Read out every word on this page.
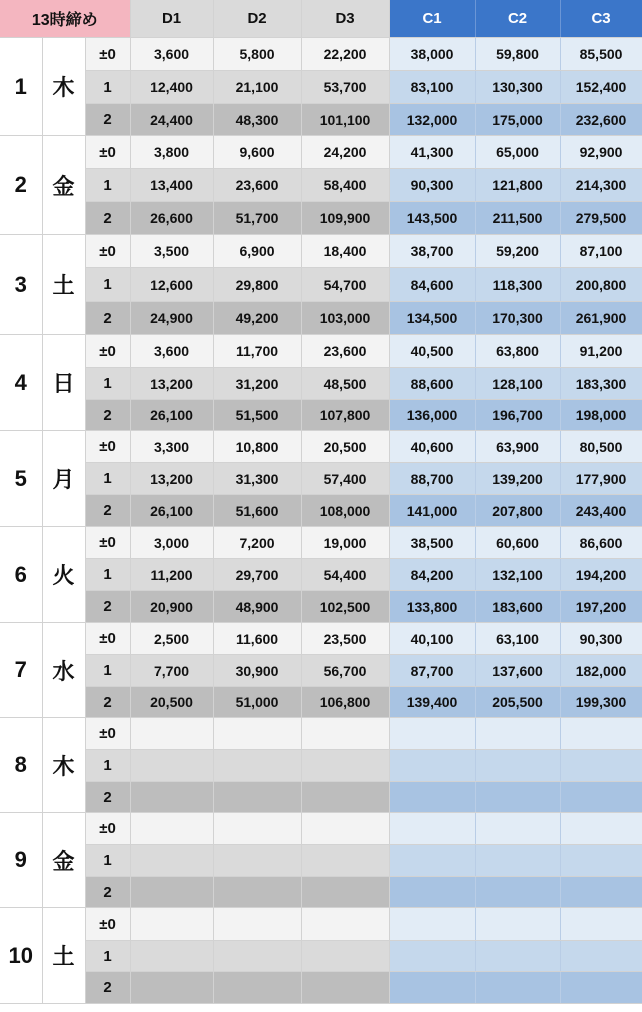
13時締め			D1	D2	D3	C1	C2	C3
1	木	±0	3,600	5,800	22,200	38,000	59,800	85,500
		1	12,400	21,100	53,700	83,100	130,300	152,400
		2	24,400	48,300	101,100	132,000	175,000	232,600
2	金	±0	3,800	9,600	24,200	41,300	65,000	92,900
		1	13,400	23,600	58,400	90,300	121,800	214,300
		2	26,600	51,700	109,900	143,500	211,500	279,500
3	土	±0	3,500	6,900	18,400	38,700	59,200	87,100
		1	12,600	29,800	54,700	84,600	118,300	200,800
		2	24,900	49,200	103,000	134,500	170,300	261,900
4	日	±0	3,600	11,700	23,600	40,500	63,800	91,200
		1	13,200	31,200	48,500	88,600	128,100	183,300
		2	26,100	51,500	107,800	136,000	196,700	198,000
5	月	±0	3,300	10,800	20,500	40,600	63,900	80,500
		1	13,200	31,300	57,400	88,700	139,200	177,900
		2	26,100	51,600	108,000	141,000	207,800	243,400
6	火	±0	3,000	7,200	19,000	38,500	60,600	86,600
		1	11,200	29,700	54,400	84,200	132,100	194,200
		2	20,900	48,900	102,500	133,800	183,600	197,200
7	水	±0	2,500	11,600	23,500	40,100	63,100	90,300
		1	7,700	30,900	56,700	87,700	137,600	182,000
		2	20,500	51,000	106,800	139,400	205,500	199,300
8	木	±0						
		1						
		2						
9	金	±0						
		1						
		2						
10	土	±0						
		1						
		2						
